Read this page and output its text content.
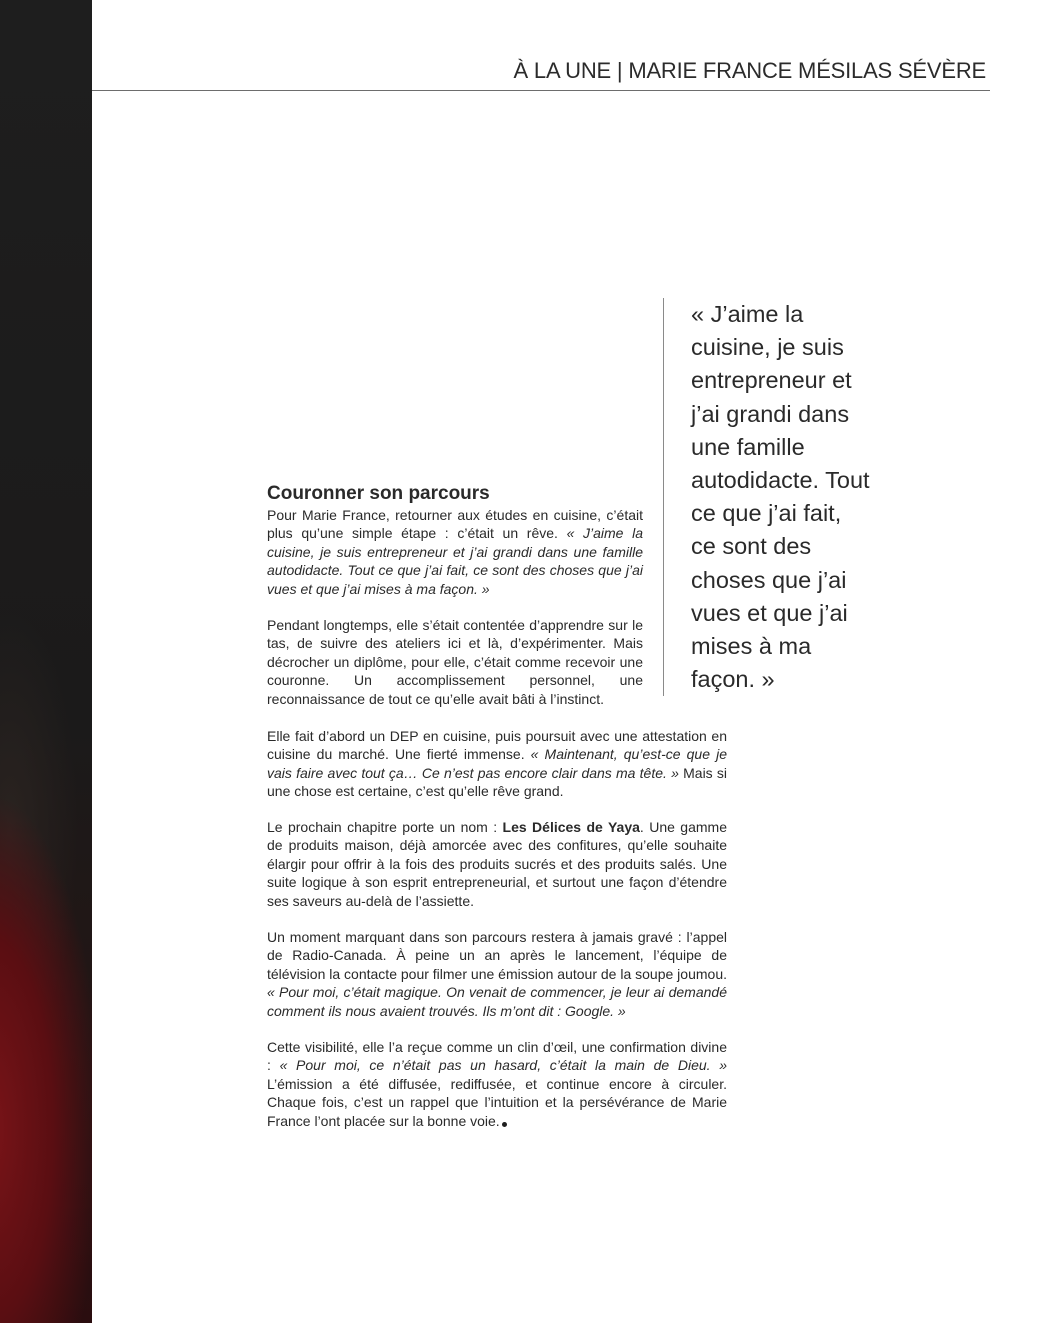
À LA UNE | MARIE FRANCE MÉSILAS SÉVÈRE
« J’aime la cuisine, je suis entrepreneur et j’ai grandi dans une famille autodidacte. Tout ce que j’ai fait, ce sont des choses que j’ai vues et que j’ai mises à ma façon. »
Couronner son parcours

Pour Marie France, retourner aux études en cuisine, c’était plus qu’une simple étape : c’était un rêve. « J’aime la cuisine, je suis entrepreneur et j’ai grandi dans une famille autodidacte. Tout ce que j’ai fait, ce sont des choses que j’ai vues et que j’ai mises à ma façon. »

Pendant longtemps, elle s’était contentée d’apprendre sur le tas, de suivre des ateliers ici et là, d’expérimenter. Mais décrocher un diplôme, pour elle, c’était comme recevoir une couronne. Un accomplissement personnel, une reconnaissance de tout ce qu’elle avait bâti à l’instinct.

Elle fait d’abord un DEP en cuisine, puis poursuit avec une attestation en cuisine du marché. Une fierté immense. « Maintenant, qu’est-ce que je vais faire avec tout ça… Ce n’est pas encore clair dans ma tête. » Mais si une chose est certaine, c’est qu’elle rêve grand.

Le prochain chapitre porte un nom : Les Délices de Yaya. Une gamme de produits maison, déjà amorcée avec des confitures, qu’elle souhaite élargir pour offrir à la fois des produits sucrés et des produits salés. Une suite logique à son esprit entrepreneurial, et surtout une façon d’étendre ses saveurs au-delà de l’assiette.

Un moment marquant dans son parcours restera à jamais gravé : l’appel de Radio-Canada. À peine un an après le lancement, l’équipe de télévision la contacte pour filmer une émission autour de la soupe joumou. « Pour moi, c’était magique. On venait de commencer, je leur ai demandé comment ils nous avaient trouvés. Ils m’ont dit : Google. »

Cette visibilité, elle l’a reçue comme un clin d’œil, une confirmation divine : « Pour moi, ce n’était pas un hasard, c’était la main de Dieu. » L’émission a été diffusée, rediffusée, et continue encore à circuler. Chaque fois, c’est un rappel que l’intuition et la persévérance de Marie France l’ont placée sur la bonne voie.
